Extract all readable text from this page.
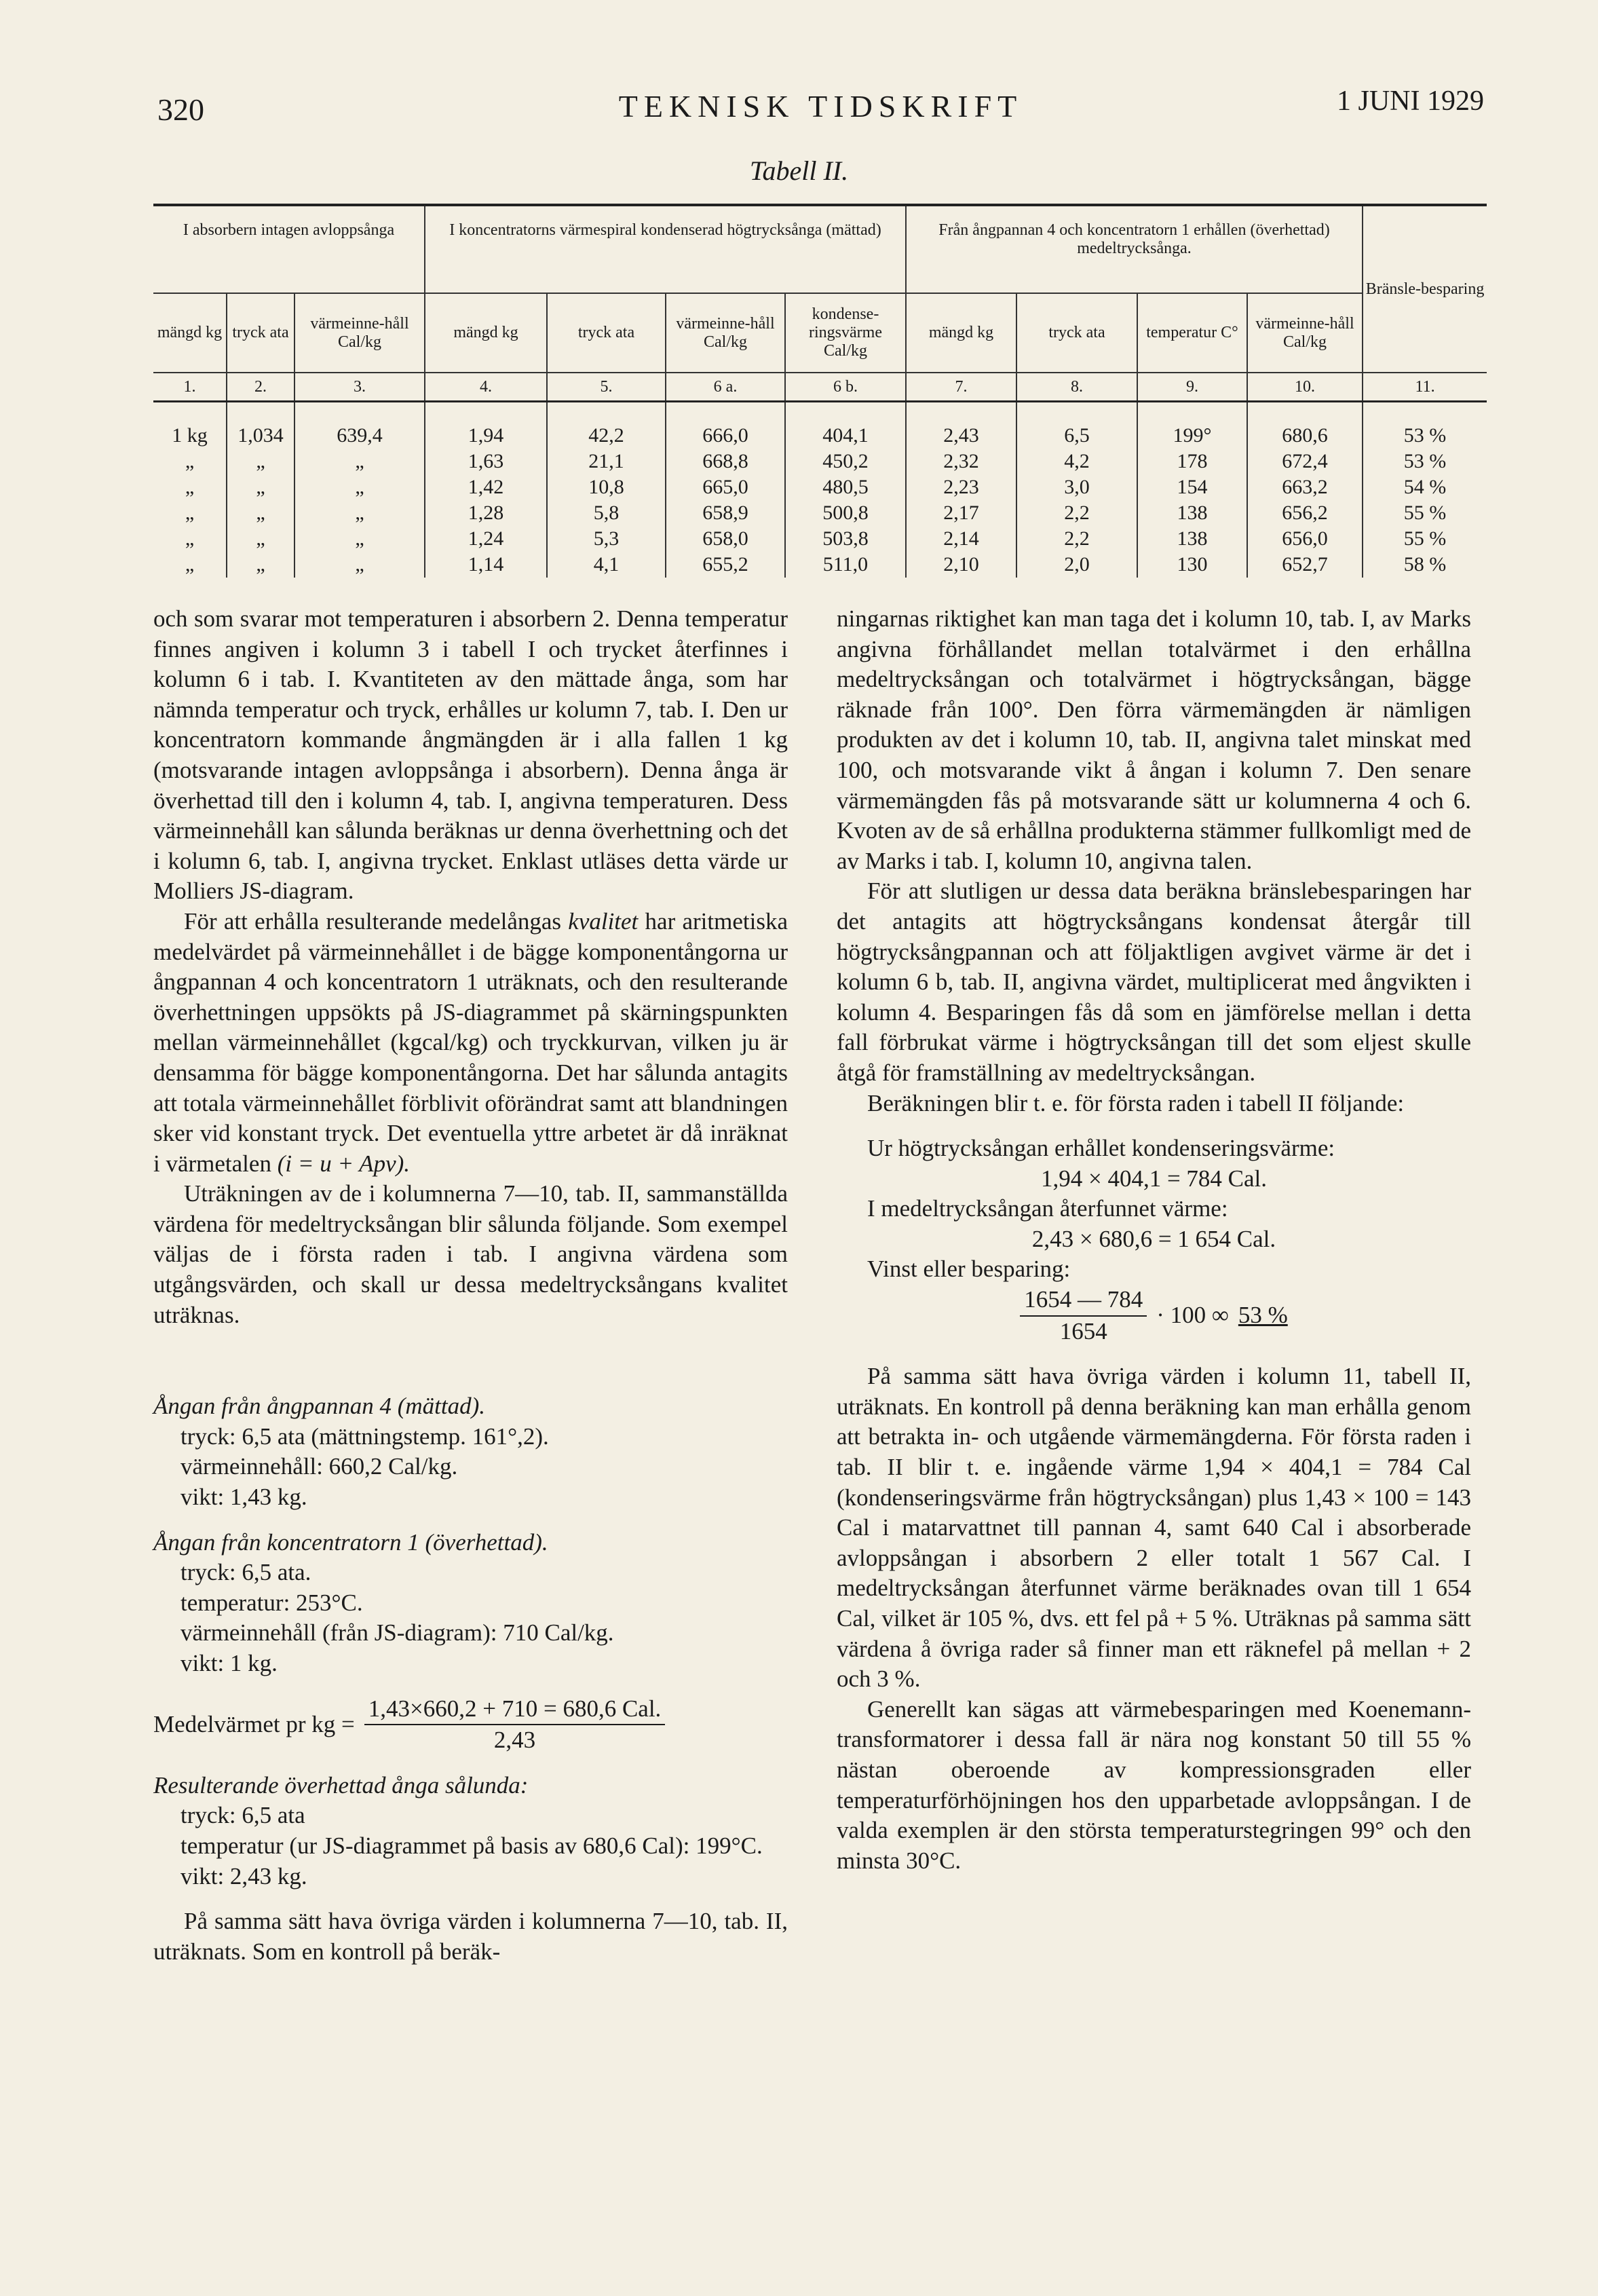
320	TEKNISK TIDSKRIFT	1 JUNI 1929
Tabell II.
I absorbern intagen avloppsånga			I koncentratorns värmespiral kondenserad högtrycksånga (mättad)				Från ångpannan 4 och koncentratorn 1 erhållen (överhettad) medeltrycksånga.				Bränsle-besparing
mängd kg	tryck ata	värmeinne-håll Cal/kg	mängd kg	tryck ata	värmeinne-håll Cal/kg	kondense-ringsvärme Cal/kg	mängd kg	tryck ata	temperatur C°	värmeinne-håll Cal/kg	
1.	2.	3.	4.	5.	6 a.	6 b.	7.	8.	9.	10.	11.
1 kg	1,034	639,4	1,94	42,2	666,0	404,1	2,43	6,5	199°	680,6	53 %
„	„	„	1,63	21,1	668,8	450,2	2,32	4,2	178	672,4	53 %
„	„	„	1,42	10,8	665,0	480,5	2,23	3,0	154	663,2	54 %
„	„	„	1,28	5,8	658,9	500,8	2,17	2,2	138	656,2	55 %
„	„	„	1,24	5,3	658,0	503,8	2,14	2,2	138	656,0	55 %
„	„	„	1,14	4,1	655,2	511,0	2,10	2,0	130	652,7	58 %

och som svarar mot temperaturen i absorbern 2. Denna temperatur finnes angiven i kolumn 3 i tabell I och trycket återfinnes i kolumn 6 i tab. I. Kvantiteten av den mättade ånga, som har nämnda temperatur och tryck, erhålles ur kolumn 7, tab. I. Den ur koncentratorn kommande ångmängden är i alla fallen 1 kg (motsvarande intagen avloppsånga i absorbern). Denna ånga är överhettad till den i kolumn 4, tab. I, angivna temperaturen. Dess värmeinnehåll kan sålunda beräknas ur denna överhettning och det i kolumn 6, tab. I, angivna trycket. Enklast utläses detta värde ur Molliers JS-diagram.

För att erhålla resulterande medelångas kvalitet har aritmetiska medelvärdet på värmeinnehållet i de bägge komponentångorna ur ångpannan 4 och koncentratorn 1 uträknats, och den resulterande överhettningen uppsökts på JS-diagrammet på skärningspunkten mellan värmeinnehållet (kgcal/kg) och tryckkurvan, vilken ju är densamma för bägge komponentångorna. Det har sålunda antagits att totala värmeinnehållet förblivit oförändrat samt att blandningen sker vid konstant tryck. Det eventuella yttre arbetet är då inräknat i värmetalen (i = u + Apv).

Uträkningen av de i kolumnerna 7—10, tab. II, sammanställda värdena för medeltrycksångan blir sålunda följande. Som exempel väljas de i första raden i tab. I angivna värdena som utgångsvärden, och skall ur dessa medeltrycksångans kvalitet uträknas.

Ångan från ångpannan 4 (mättad).

tryck: 6,5 ata (mättningstemp. 161°,2).

värmeinnehåll: 660,2 Cal/kg.

vikt: 1,43 kg.

Ångan från koncentratorn 1 (överhettad).

tryck: 6,5 ata.

temperatur: 253°C.

värmeinnehåll (från JS-diagram): 710 Cal/kg.

vikt: 1 kg.

Medelvärmet pr kg = $\frac{\text{1,43×660,2 + 710 = 680,6 Cal.}}{2,43}$

Resulterande överhettad ånga sålunda:

tryck: 6,5 ata

temperatur (ur JS-diagrammet på basis av 680,6 Cal): 199°C.

vikt: 2,43 kg.

På samma sätt hava övriga värden i kolumnerna 7—10, tab. II, uträknats. Som en kontroll på beräk-

ningarnas riktighet kan man taga det i kolumn 10, tab. I, av Marks angivna förhållandet mellan totalvärmet i den erhållna medeltrycksångan och totalvärmet i högtrycksångan, bägge räknade från 100°. Den förra värmemängden är nämligen produkten av det i kolumn 10, tab. II, angivna talet minskat med 100, och motsvarande vikt å ångan i kolumn 7. Den senare värmemängden fås på motsvarande sätt ur kolumnerna 4 och 6. Kvoten av de så erhållna produkterna stämmer fullkomligt med de av Marks i tab. I, kolumn 10, angivna talen.

För att slutligen ur dessa data beräkna bränslebesparingen har det antagits att högtrycksångans kondensat återgår till högtrycksångpannan och att följaktligen avgivet värme är det i kolumn 6 b, tab. II, angivna värdet, multiplicerat med ångvikten i kolumn 4. Besparingen fås då som en jämförelse mellan i detta fall förbrukat värme i högtrycksångan till det som eljest skulle åtgå för framställning av medeltrycksångan.

Beräkningen blir t. e. för första raden i tabell II följande:

Ur högtrycksångan erhållet kondenseringsvärme:

1,94 × 404,1 = 784 Cal.

I medeltrycksångan återfunnet värme:

2,43 × 680,6 = 1 654 Cal.

Vinst eller besparing:

$\frac{1654 — 784}{1654} \cdot 100$ ∞ 53 %

På samma sätt hava övriga värden i kolumn 11, tabell II, uträknats. En kontroll på denna beräkning kan man erhålla genom att betrakta in- och utgående värmemängderna. För första raden i tab. II blir t. e. ingående värme 1,94 × 404,1 = 784 Cal (kondenseringsvärme från högtrycksångan) plus 1,43 × 100 = 143 Cal i matarvattnet till pannan 4, samt 640 Cal i absorberade avloppsångan i absorbern 2 eller totalt 1 567 Cal. I medeltrycksångan återfunnet värme beräknades ovan till 1 654 Cal, vilket är 105 %, dvs. ett fel på + 5 %. Uträknas på samma sätt värdena å övriga rader så finner man ett räknefel på mellan + 2 och 3 %.

Generellt kan sägas att värmebesparingen med Koenemann-transformatorer i dessa fall är nära nog konstant 50 till 55 % nästan oberoende av kompressionsgraden eller temperaturförhöjningen hos den upparbetade avloppsångan. I de valda exemplen är den största temperaturstegringen 99° och den minsta 30°C.
